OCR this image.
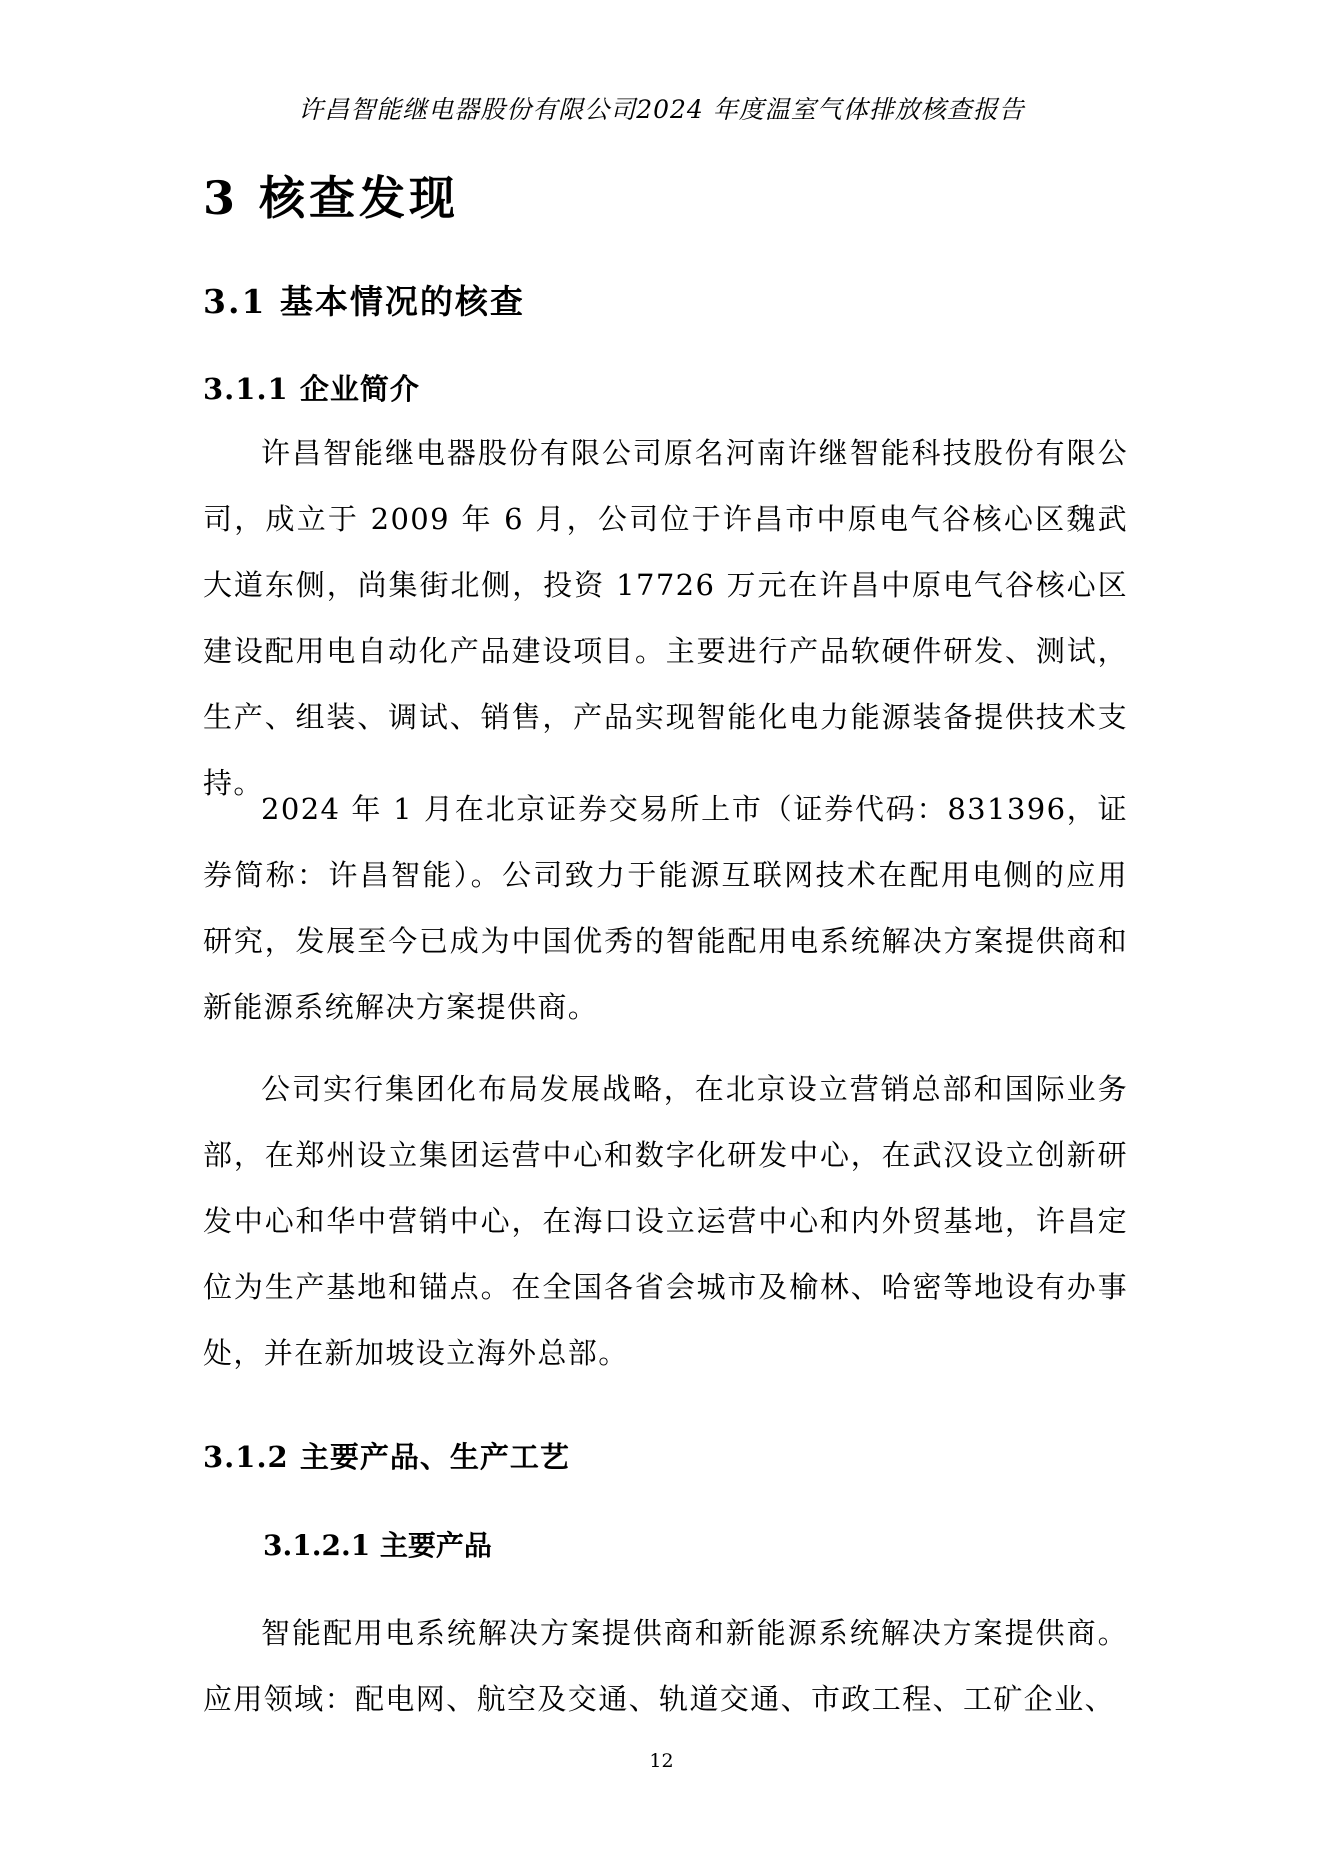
许昌智能继电器股份有限公司2024 年度温室气体排放核查报告
3 核查发现
3.1 基本情况的核查
3.1.1 企业简介

许昌智能继电器股份有限公司原名河南许继智能科技股份有限公司，成立于 2009 年 6 月，公司位于许昌市中原电气谷核心区魏武大道东侧，尚集街北侧，投资 17726 万元在许昌中原电气谷核心区建设配用电自动化产品建设项目。主要进行产品软硬件研发、测试，生产、组装、调试、销售，产品实现智能化电力能源装备提供技术支持。

2024 年 1 月在北京证券交易所上市（证券代码：831396，证券简称：许昌智能）。公司致力于能源互联网技术在配用电侧的应用研究，发展至今已成为中国优秀的智能配用电系统解决方案提供商和新能源系统解决方案提供商。

公司实行集团化布局发展战略，在北京设立营销总部和国际业务部，在郑州设立集团运营中心和数字化研发中心，在武汉设立创新研发中心和华中营销中心，在海口设立运营中心和内外贸基地，许昌定位为生产基地和锚点。在全国各省会城市及榆林、哈密等地设有办事处，并在新加坡设立海外总部。

3.1.2 主要产品、生产工艺
3.1.2.1 主要产品

智能配用电系统解决方案提供商和新能源系统解决方案提供商。应用领域：配电网、航空及交通、轨道交通、市政工程、工矿企业、

12
